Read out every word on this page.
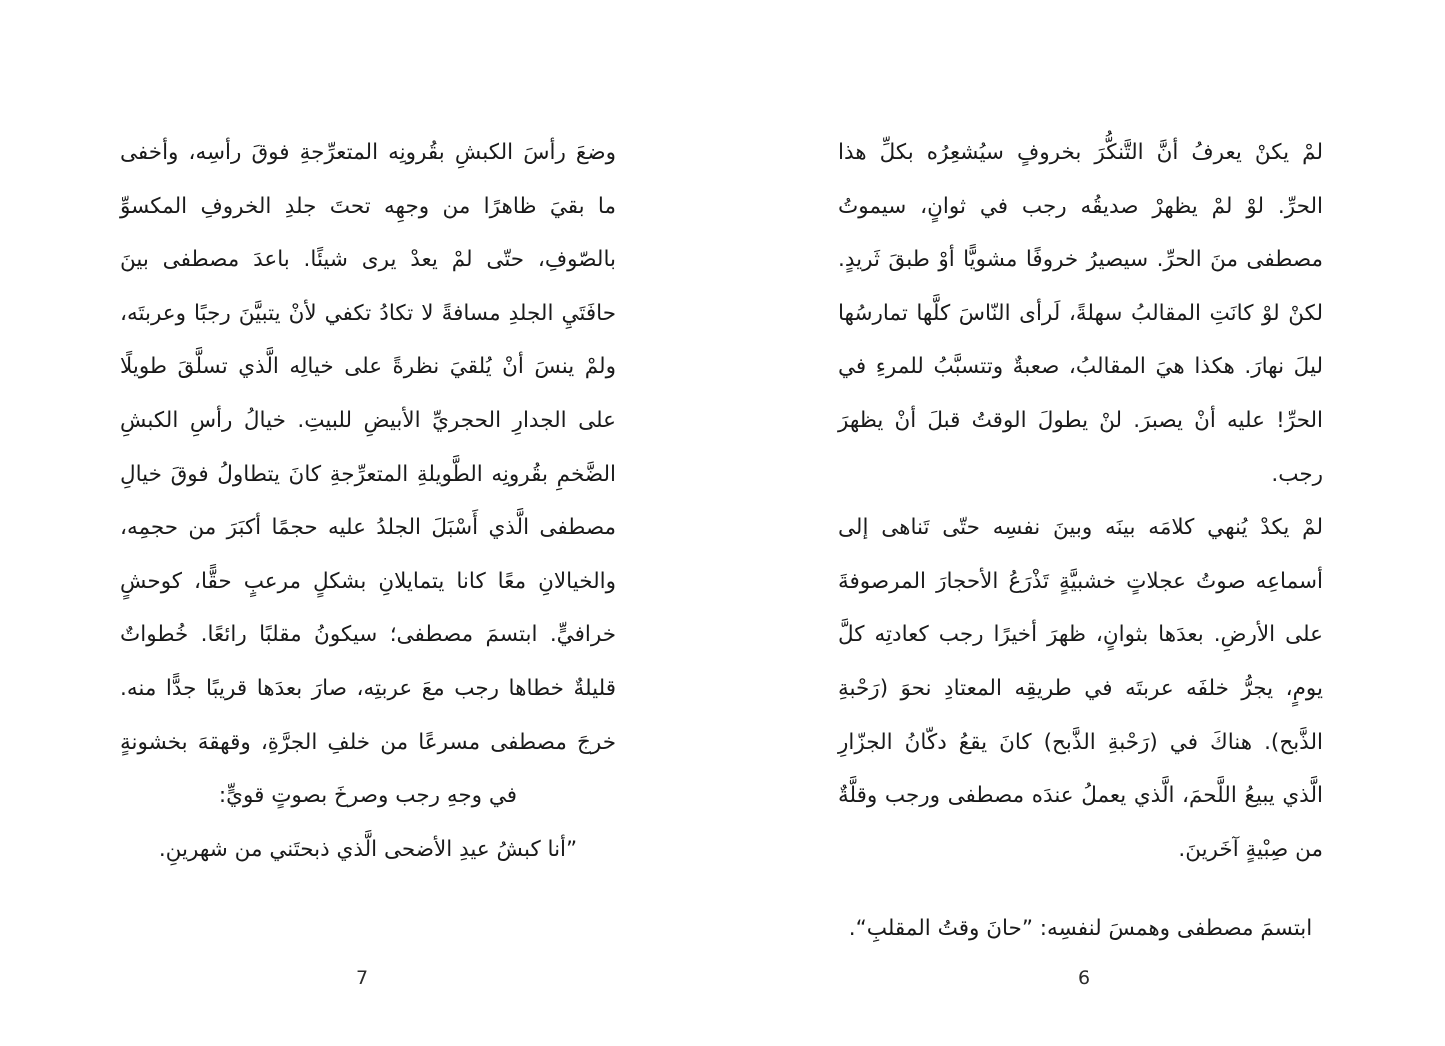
لمْ يكنْ يعرفُ أنَّ التَّنكُّرَ بخروفٍ سيُشعِرُه بكلِّ هذا الحرِّ. لوْ لمْ يظهرْ صديقُه رجب في ثوانٍ، سيموتُ مصطفى منَ الحرِّ. سيصيرُ خروفًا مشويًّا أوْ طبقَ ثَريدٍ. لكنْ لوْ كانَتِ المقالبُ سهلةً، لَرأى النّاسَ كلَّها تمارسُها ليلَ نهارَ. هكذا هيَ المقالبُ، صعبةٌ وتتسبَّبُ للمرءِ في الحرِّ! عليه أنْ يصبرَ. لنْ يطولَ الوقتُ قبلَ أنْ يظهرَ رجب.

لمْ يكدْ يُنهي كلامَه بينَه وبينَ نفسِه حتّى تَناهى إلى أسماعِه صوتُ عجلاتٍ خشبيَّةٍ تَذْرَعُ الأحجارَ المرصوفةَ على الأرضِ. بعدَها بثوانٍ، ظهرَ أخيرًا رجب كعادتِه كلَّ يومٍ، يجرُّ خلفَه عربتَه في طريقِه المعتادِ نحوَ (رَحْبةِ الذَّبح). هناكَ في (رَحْبةِ الذَّبح) كانَ يقعُ دكّانُ الجزّارِ الَّذي يبيعُ اللَّحمَ، الَّذي يعملُ عندَه مصطفى ورجب وقلَّةٌ من صِبْيةٍ آخَرينَ.

ابتسمَ مصطفى وهمسَ لنفسِه: ”حانَ وقتُ المقلبِ“.

6

وضعَ رأسَ الكبشِ بقُرونِه المتعرِّجةِ فوقَ رأسِه، وأخفى ما بقيَ ظاهرًا من وجهِه تحتَ جلدِ الخروفِ المكسوِّ بالصّوفِ، حتّى لمْ يعدْ يرى شيئًا. باعدَ مصطفى بينَ حافَتَيِ الجلدِ مسافةً لا تكادُ تكفي لأنْ يتبيَّنَ رجبًا وعربتَه، ولمْ ينسَ أنْ يُلقيَ نظرةً على خيالِه الَّذي تسلَّقَ طويلًا على الجدارِ الحجريِّ الأبيضِ للبيتِ. خيالُ رأسِ الكبشِ الضَّخمِ بقُرونِه الطَّويلةِ المتعرِّجةِ كانَ يتطاولُ فوقَ خيالِ مصطفى الَّذي أَسْبَلَ الجلدُ عليه حجمًا أكبَرَ من حجمِه، والخيالانِ معًا كانا يتمايلانِ بشكلٍ مرعبٍ حقًّا، كوحشٍ خرافيٍّ. ابتسمَ مصطفى؛ سيكونُ مقلبًا رائعًا. خُطواتٌ قليلةٌ خطاها رجب معَ عربتِه، صارَ بعدَها قريبًا جدًّا منه. خرجَ مصطفى مسرعًا من خلفِ الجرَّةِ، وقهقهَ بخشونةٍ في وجهِ رجب وصرخَ بصوتٍ قويٍّ:

”أنا كبشُ عيدِ الأضحى الَّذي ذبحتَني من شهرينِ.

7
